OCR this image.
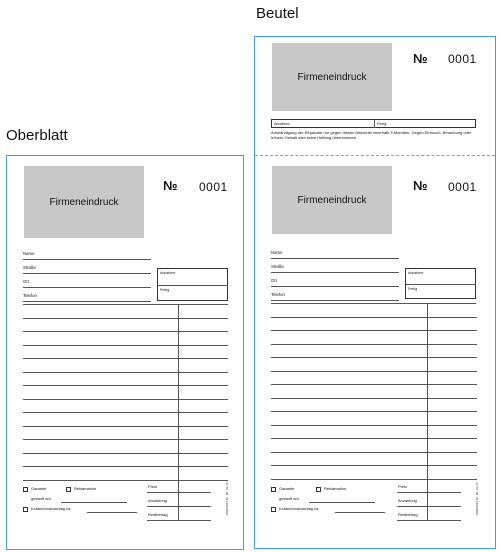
Beutel
Oberblatt
Firmeneindruck
№ 0001
Name
Straße
Ort
Telefon
Annahme
Fertig
Garantie	Reklamation
gekauft am
Kostenvoranschlag ca.
Preis
Anzahlung
Restbetrag	12345 678 9 01 · 99 . 01 / 07
Firmeneindruck
№ 0001
Annahme:	Fertig:
Aushändigung der Reparatur nur gegen diesen Abschnitt innerhalb 3 Monaten. Gegen Einbruch, Beraubung oder höhere Gewalt wird keine Haftung übernommen.
Firmeneindruck
№ 0001
Name
Straße
Ort
Telefon
Annahme
Fertig
Garantie	Reklamation
gekauft am
Kostenvoranschlag ca.
Preis
Anzahlung
Restbetrag	12345 678 9 01 · 99 . 01 / 07
